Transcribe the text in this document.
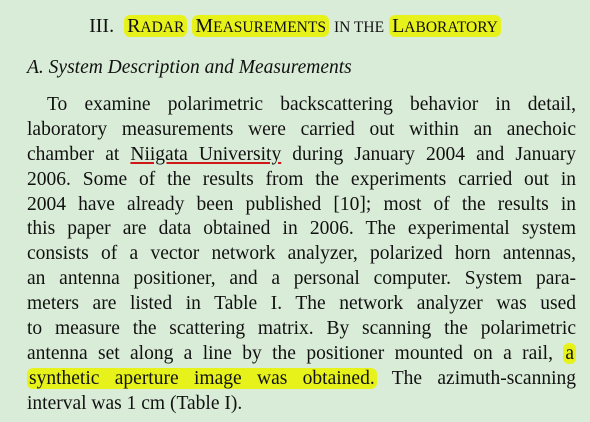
III. RADAR MEASUREMENTS IN THE LABORATORY
A. System Description and Measurements
To examine polarimetric backscattering behavior in detail,
laboratory measurements were carried out within an anechoic
chamber at Niigata University during January 2004 and January
2006. Some of the results from the experiments carried out in
2004 have already been published [10]; most of the results in
this paper are data obtained in 2006. The experimental system
consists of a vector network analyzer, polarized horn antennas,
an antenna positioner, and a personal computer. System para-
meters are listed in Table I. The network analyzer was used
to measure the scattering matrix. By scanning the polarimetric
antenna set along a line by the positioner mounted on a rail, a
synthetic aperture image was obtained. The azimuth-scanning
interval was 1 cm (Table I).
